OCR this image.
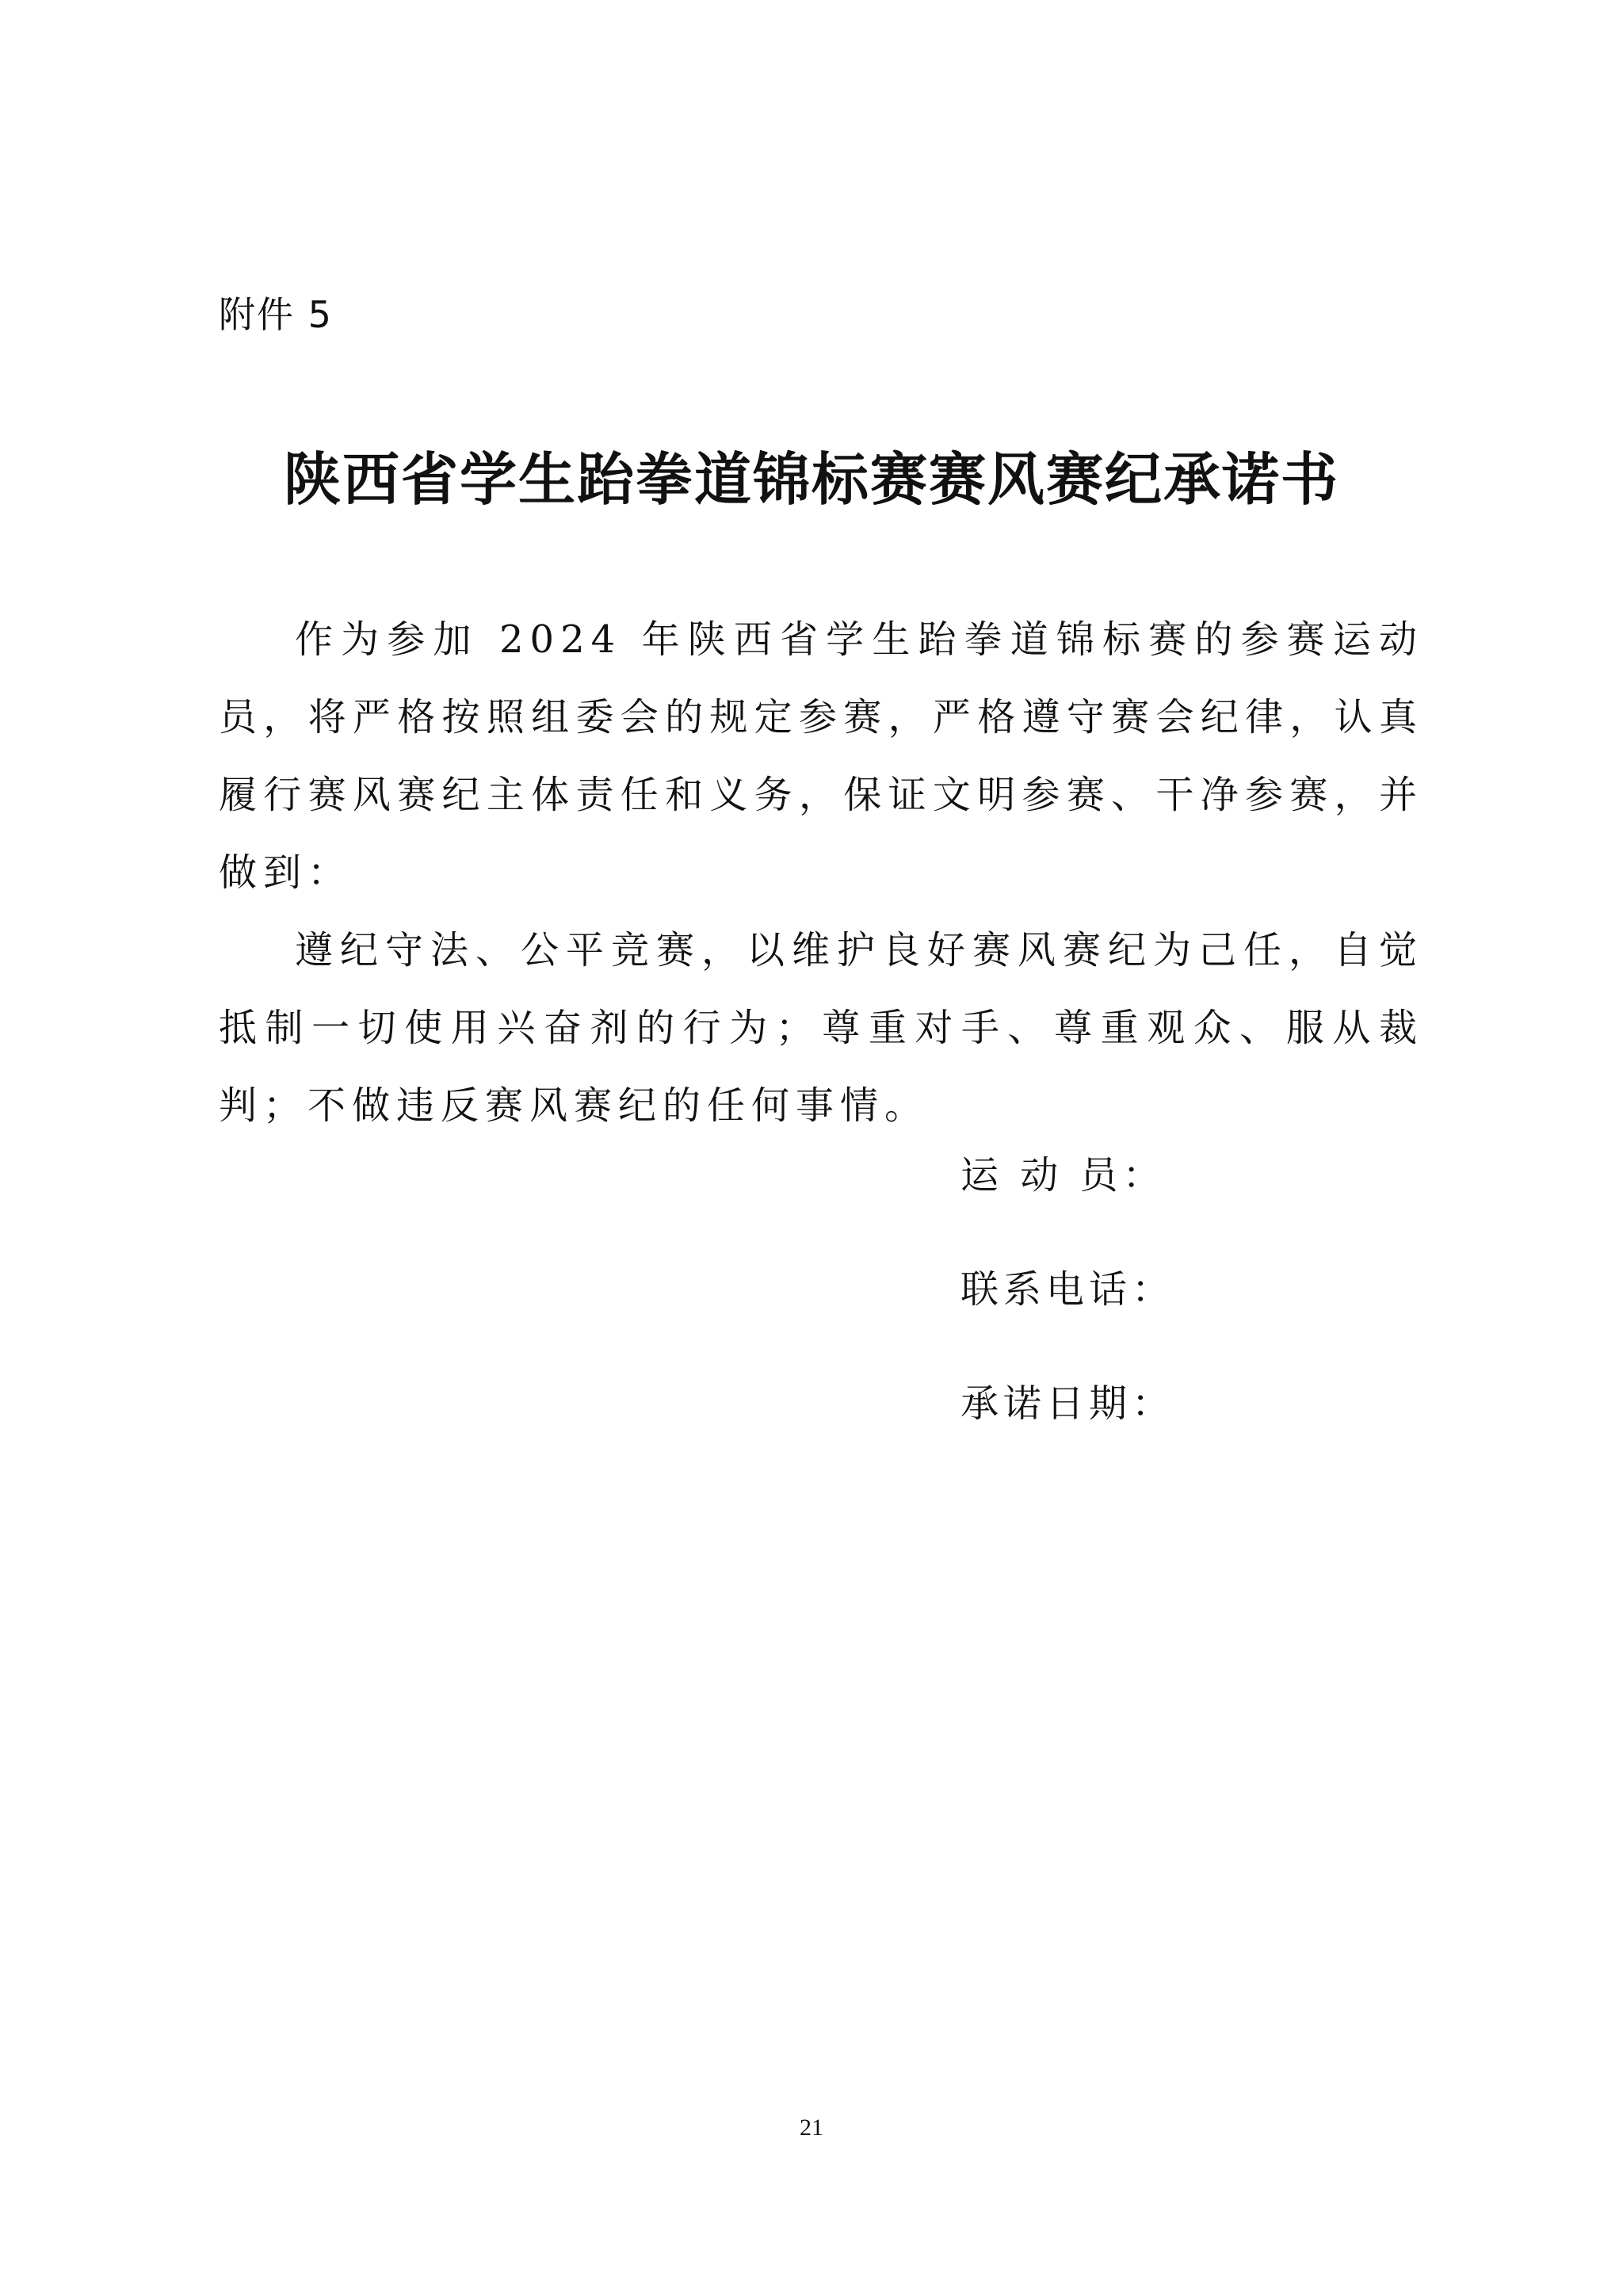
附件 5
陕西省学生跆拳道锦标赛赛风赛纪承诺书

作为参加 2024 年陕西省学生跆拳道锦标赛的参赛运动员，将严格按照组委会的规定参赛，严格遵守赛会纪律，认真履行赛风赛纪主体责任和义务，保证文明参赛、干净参赛，并做到：

遵纪守法、公平竞赛，以维护良好赛风赛纪为己任，自觉抵制一切使用兴奋剂的行为；尊重对手、尊重观众、服从裁判；不做违反赛风赛纪的任何事情。

运 动 员：
联系电话：
承诺日期：
21
